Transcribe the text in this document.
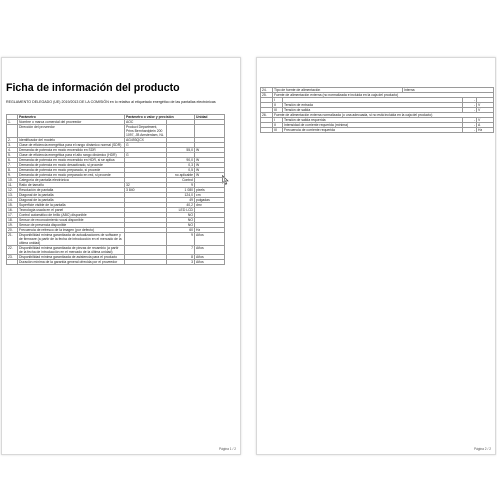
Ficha de información del producto
REGLAMENTO DELEGADO (UE) 2019/2013 DE LA COMISIÓN en lo relativo al etiquetado energético de las pantallas electrónicas
	Parámetro	Parámetro o valor y precisión		Unidad
1.	Nombre o marca comercial del proveedor	AOC		
	Dirección del proveedor	Product Department, Prins Bernhardplein 200 1097, JB Amsterdam, NL		
2.	Identificador del modelo	AG493QCX		
3.	Clase de eficiencia energética para el rango dinámico normal (SDR)	G		
4.	Demanda de potencia en modo encendido en SDR		55,0	W
5.	Clase de eficiencia energética para el alto rango dinámico (HDR)	G		
6.	Demanda de potencia en modo encendido en HDR, si se aplica		90,0	W
7.	Demanda de potencia en modo desactivado, si procede		0,3	W
8.	Demanda de potencia en modo preparado, si procede		0,5	W
9.	Demanda de potencia en modo preparado en red, si procede		no aplicable	W
10.	Categoría de pantalla electrónica		Control	
11.	Ratio de tamaño	32	9	
12.	Resolución de pantalla	3 840	1 080	pixels
13.	Diagonal de la pantalla		124,0	cm
14.	Diagonal de la pantalla		49	pulgadas
15.	Superficie visible de la pantalla		40,2	dm²
16.	Tecnología usada en el panel		LED LCD	
17.	Control automático de brillo (ABC) disponible		NO	
18.	Sensor de reconocimiento vocal disponible		NO	
19.	Sensor de presencia disponible		NO	
20.	Frecuencia de refresco de la imagen (por defecto)		60	Hz
21.	Disponibilidad mínima garantizada de actualizaciones de software y de firmware (a partir de la fecha de introducción en el mercado de la última unidad)		9	Años
22.	Disponibilidad mínima garantizada de piezas de recambio (a partir de la fecha de introducción en el mercado de la última unidad)		7	Años
23.	Disponibilidad mínima garantizada de asistencia para el producto		8	Años
	Duración mínima de la garantía general ofrecida por el proveedor		3	Años
Página 1 / 2
24.	Tipo de fuente de alimentación		Interna		
25.	Fuente de alimentación externa (no normalizada e incluida en la caja del producto)				
	I			-	
	II	Tensión de entrada		-	V
	III	Tensión de salida		-	V
26.	Fuente de alimentación externa normalizada (o una adecuada, si no está incluida en la caja del producto)				
	I	Tensión de salida requerida		-	V
	II	Intensidad de corriente requerida (mínima)		-	A
	III	Frecuencia de corriente requerida		-	Hz
Página 2 / 2
